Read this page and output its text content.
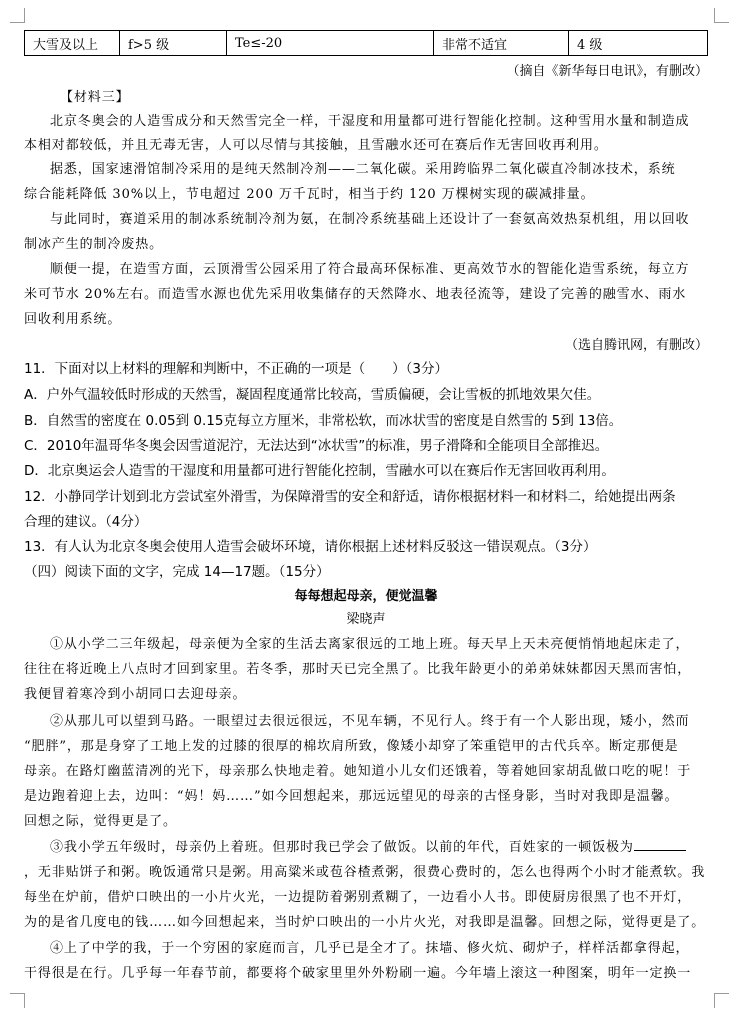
大雪及以上	f>5 级	Te≤-20	非常不适宜	4 级
（摘自《新华每日电讯》，有删改）
【材料三】
北京冬奥会的人造雪成分和天然雪完全一样，干湿度和用量都可进行智能化控制。这种雪用水量和制造成
本相对都较低，并且无毒无害，人可以尽情与其接触，且雪融水还可在赛后作无害回收再利用。
据悉，国家速滑馆制冷采用的是纯天然制冷剂——二氧化碳。采用跨临界二氧化碳直冷制冰技术，系统
综合能耗降低 30%以上，节电超过 200 万千瓦时，相当于约 120 万棵树实现的碳减排量。
与此同时，赛道采用的制冰系统制冷剂为氨，在制冷系统基础上还设计了一套氨高效热泵机组，用以回收
制冰产生的制冷废热。
顺便一提，在造雪方面，云顶滑雪公园采用了符合最高环保标准、更高效节水的智能化造雪系统，每立方
米可节水 20%左右。而造雪水源也优先采用收集储存的天然降水、地表径流等，建设了完善的融雪水、雨水
回收利用系统。
（选自腾讯网，有删改）
11．下面对以上材料的理解和判断中，不正确的一项是（　　）（3分）
A．户外气温较低时形成的天然雪，凝固程度通常比较高，雪质偏硬，会让雪板的抓地效果欠佳。
B．自然雪的密度在 0.05到 0.15克每立方厘米，非常松软，而冰状雪的密度是自然雪的 5到 13倍。
C．2010年温哥华冬奥会因雪道泥泞，无法达到“冰状雪”的标准，男子滑降和全能项目全部推迟。
D．北京奥运会人造雪的干湿度和用量都可进行智能化控制，雪融水可以在赛后作无害回收再利用。
12．小静同学计划到北方尝试室外滑雪，为保障滑雪的安全和舒适，请你根据材料一和材料二，给她提出两条
合理的建议。（4分）
13．有人认为北京冬奥会使用人造雪会破坏环境，请你根据上述材料反驳这一错误观点。（3分）
（四）阅读下面的文字，完成 14—17题。（15分）
每每想起母亲，便觉温馨
梁晓声
①从小学二三年级起，母亲便为全家的生活去离家很远的工地上班。每天早上天未亮便悄悄地起床走了，
往往在将近晚上八点时才回到家里。若冬季，那时天已完全黑了。比我年龄更小的弟弟妹妹都因天黑而害怕，
我便冒着寒冷到小胡同口去迎母亲。
②从那儿可以望到马路。一眼望过去很远很远，不见车辆，不见行人。终于有一个人影出现，矮小，然而
“肥胖”，那是身穿了工地上发的过膝的很厚的棉坎肩所致，像矮小却穿了笨重铠甲的古代兵卒。断定那便是
母亲。在路灯幽蓝清冽的光下，母亲那么快地走着。她知道小儿女们还饿着，等着她回家胡乱做口吃的呢！于
是边跑着迎上去，边叫：“妈！妈……”如今回想起来，那远远望见的母亲的古怪身影，当时对我即是温馨。
回想之际，觉得更是了。
③我小学五年级时，母亲仍上着班。但那时我已学会了做饭。以前的年代，百姓家的一顿饭极为
，无非贴饼子和粥。晚饭通常只是粥。用高粱米或苞谷楂煮粥，很费心费时的，怎么也得两个小时才能煮软。我
每坐在炉前，借炉口映出的一小片火光，一边提防着粥别煮糊了，一边看小人书。即使厨房很黑了也不开灯，
为的是省几度电的钱……如今回想起来，当时炉口映出的一小片火光，对我即是温馨。回想之际，觉得更是了。
④上了中学的我，于一个穷困的家庭而言，几乎已是全才了。抹墙、修火炕、砌炉子，样样活都拿得起，
干得很是在行。几乎每一年春节前，都要将个破家里里外外粉刷一遍。今年墙上滚这一种图案，明年一定换一
